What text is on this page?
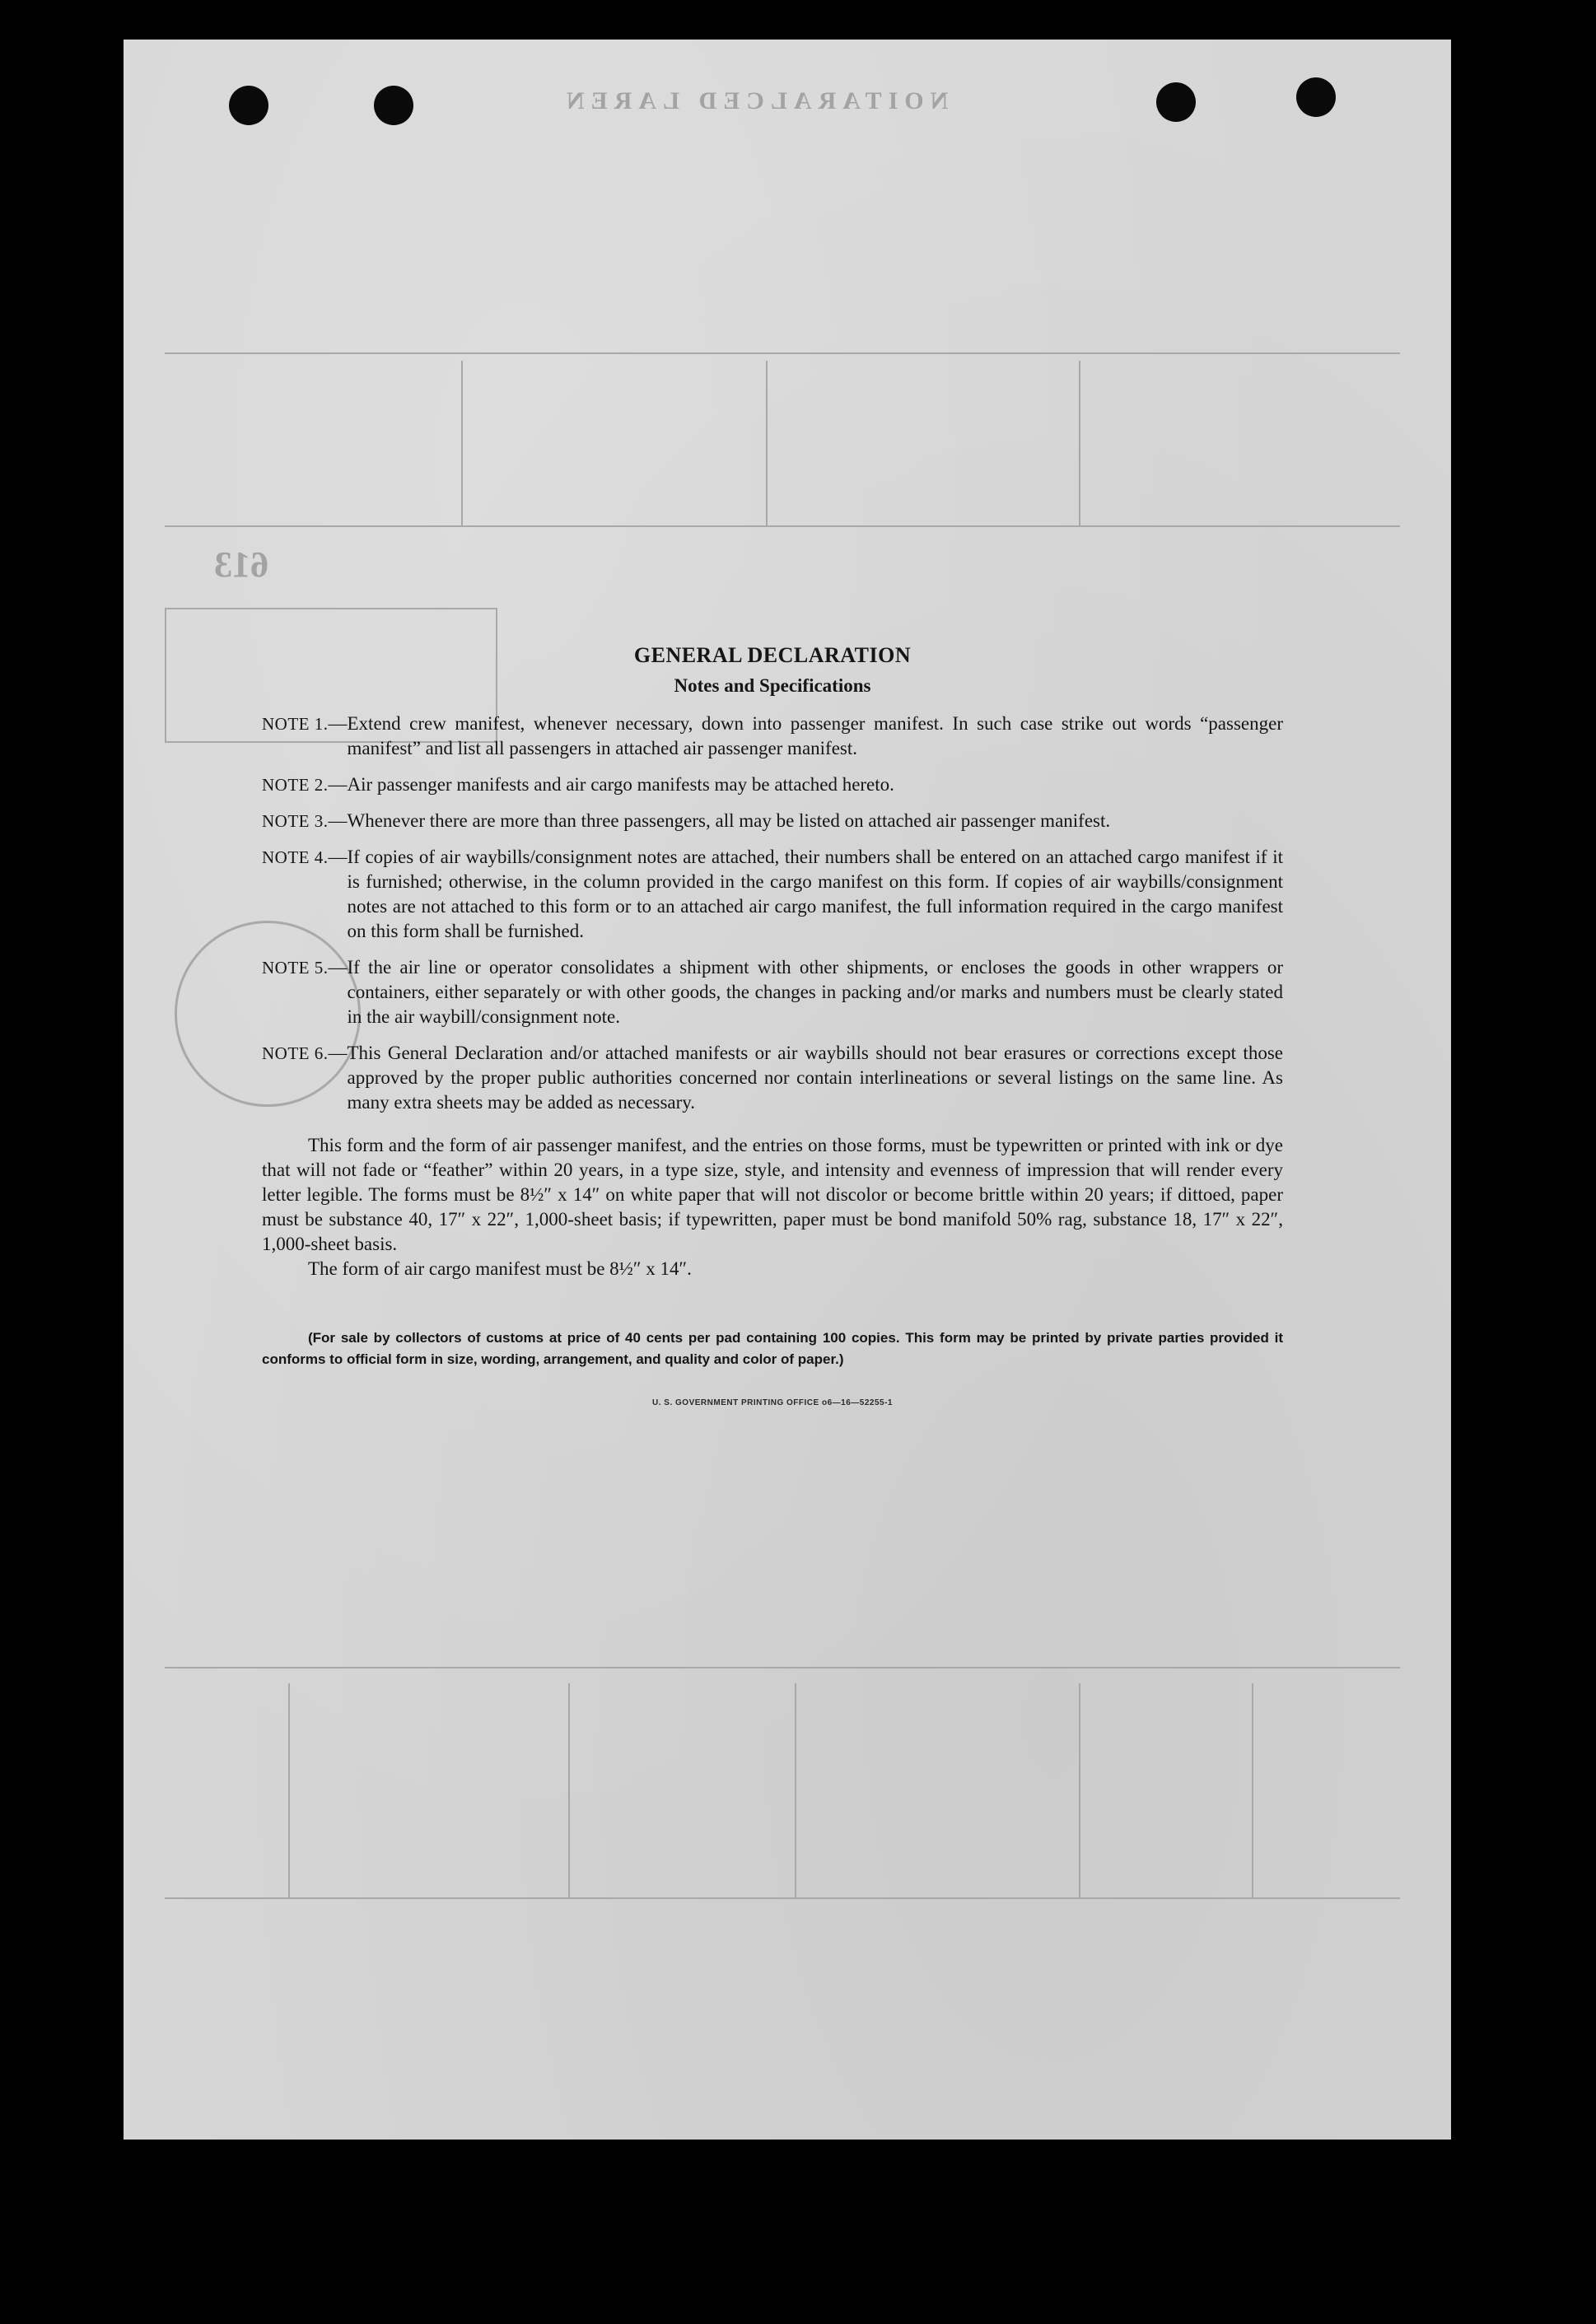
NOITARALCED LAREN
613
GENERAL DECLARATION
Notes and Specifications
NOTE 1. — Extend crew manifest, whenever necessary, down into passenger manifest. In such case strike out words “passenger manifest” and list all passengers in attached air passenger manifest.
NOTE 2. — Air passenger manifests and air cargo manifests may be attached hereto.
NOTE 3. — Whenever there are more than three passengers, all may be listed on attached air passenger manifest.
NOTE 4. — If copies of air waybills/consignment notes are attached, their numbers shall be entered on an attached cargo manifest if it is furnished; otherwise, in the column provided in the cargo manifest on this form. If copies of air waybills/consignment notes are not attached to this form or to an attached air cargo manifest, the full information required in the cargo manifest on this form shall be furnished.
NOTE 5. — If the air line or operator consolidates a shipment with other shipments, or encloses the goods in other wrappers or containers, either separately or with other goods, the changes in packing and/or marks and numbers must be clearly stated in the air waybill/consignment note.
NOTE 6. — This General Declaration and/or attached manifests or air waybills should not bear erasures or corrections except those approved by the proper public authorities concerned nor contain interlineations or several listings on the same line. As many extra sheets may be added as necessary.

This form and the form of air passenger manifest, and the entries on those forms, must be typewritten or printed with ink or dye that will not fade or “feather” within 20 years, in a type size, style, and intensity and evenness of impression that will render every letter legible. The forms must be 8½″ x 14″ on white paper that will not discolor or become brittle within 20 years; if dittoed, paper must be substance 40, 17″ x 22″, 1,000-sheet basis; if typewritten, paper must be bond manifold 50% rag, substance 18, 17″ x 22″, 1,000-sheet basis.

The form of air cargo manifest must be 8½″ x 14″.

(For sale by collectors of customs at price of 40 cents per pad containing 100 copies. This form may be printed by private parties provided it conforms to official form in size, wording, arrangement, and quality and color of paper.)

U. S. GOVERNMENT PRINTING OFFICE o6—16—52255-1
